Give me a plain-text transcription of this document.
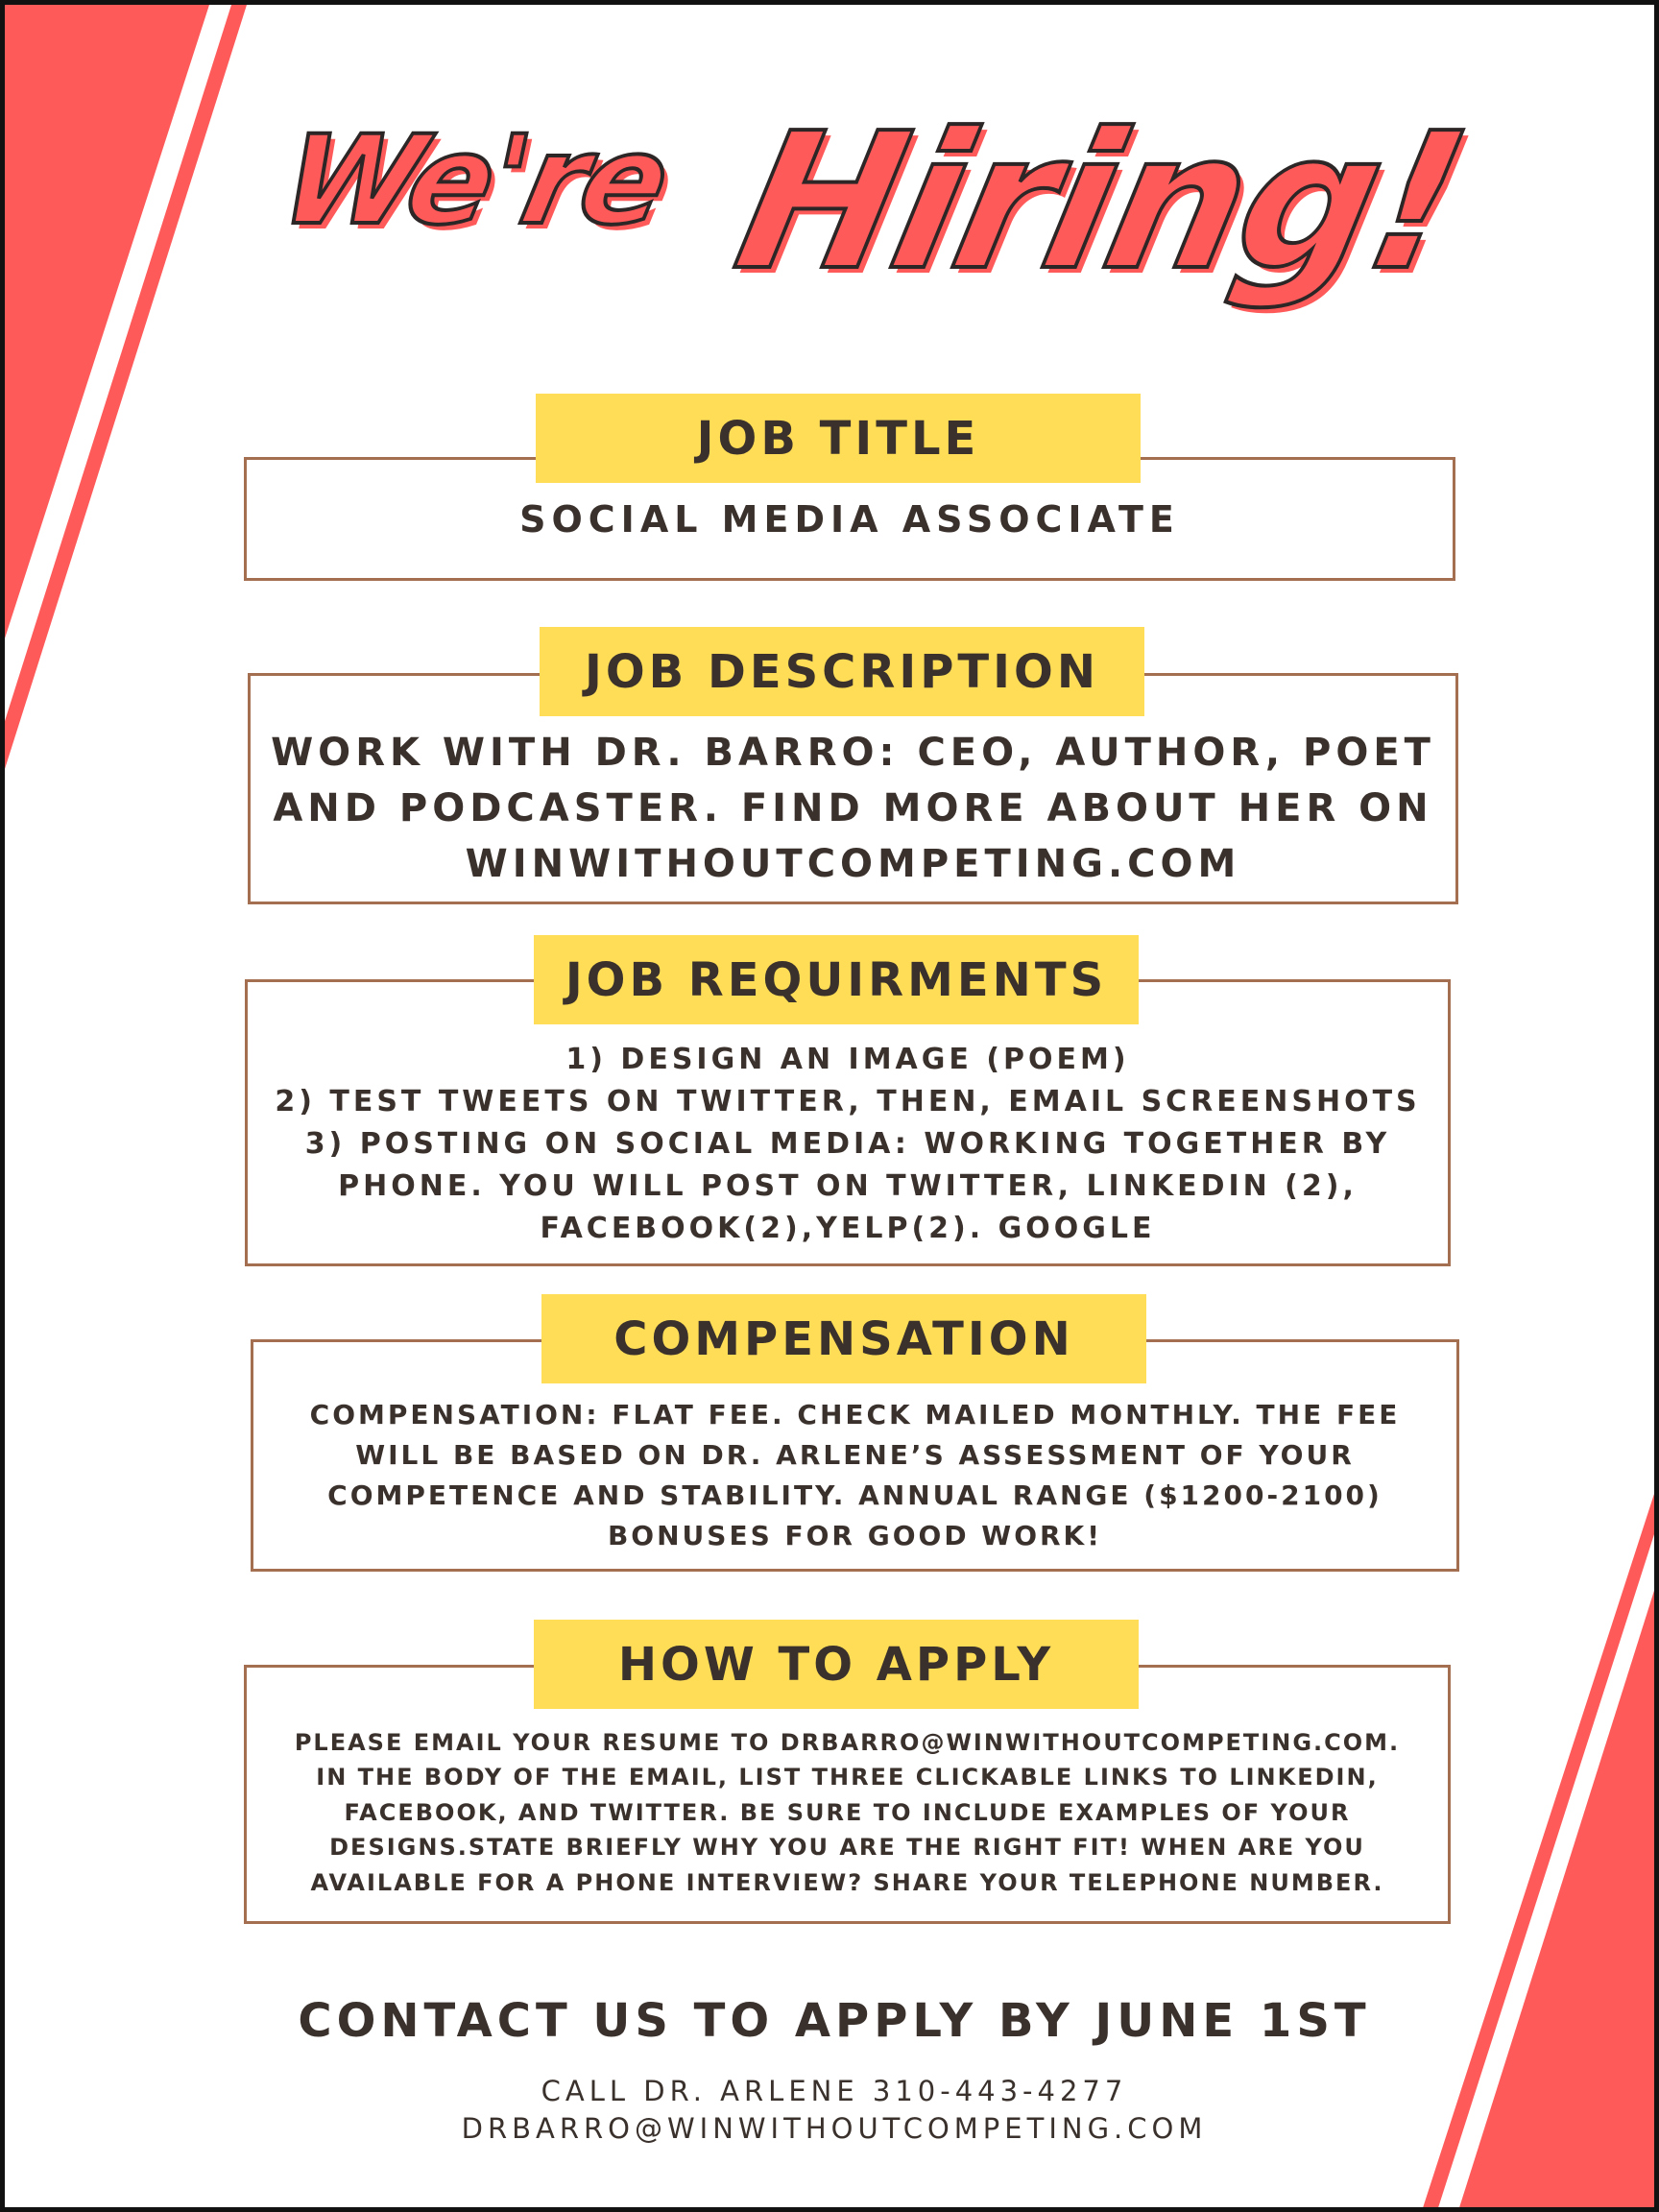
We're Hiring!
SOCIAL MEDIA ASSOCIATE
JOB TITLE
WORK WITH DR. BARRO: CEO, AUTHOR, POET
AND PODCASTER. FIND MORE ABOUT HER ON
WINWITHOUTCOMPETING.COM
JOB DESCRIPTION
1) DESIGN AN IMAGE (POEM)
2) TEST TWEETS ON TWITTER, THEN, EMAIL SCREENSHOTS
3) POSTING ON SOCIAL MEDIA: WORKING TOGETHER BY
PHONE. YOU WILL POST ON TWITTER, LINKEDIN (2),
FACEBOOK(2),YELP(2). GOOGLE
JOB REQUIRMENTS
COMPENSATION: FLAT FEE. CHECK MAILED MONTHLY. THE FEE
WILL BE BASED ON DR. ARLENE’S ASSESSMENT OF YOUR
COMPETENCE AND STABILITY. ANNUAL RANGE ($1200-2100)
BONUSES FOR GOOD WORK!
COMPENSATION
PLEASE EMAIL YOUR RESUME TO DRBARRO@WINWITHOUTCOMPETING.COM.
IN THE BODY OF THE EMAIL, LIST THREE CLICKABLE LINKS TO LINKEDIN,
FACEBOOK, AND TWITTER. BE SURE TO INCLUDE EXAMPLES OF YOUR
DESIGNS.STATE BRIEFLY WHY YOU ARE THE RIGHT FIT! WHEN ARE YOU
AVAILABLE FOR A PHONE INTERVIEW? SHARE YOUR TELEPHONE NUMBER.
HOW TO APPLY
CONTACT US TO APPLY BY JUNE 1ST
CALL DR. ARLENE 310-443-4277
DRBARRO@WINWITHOUTCOMPETING.COM
